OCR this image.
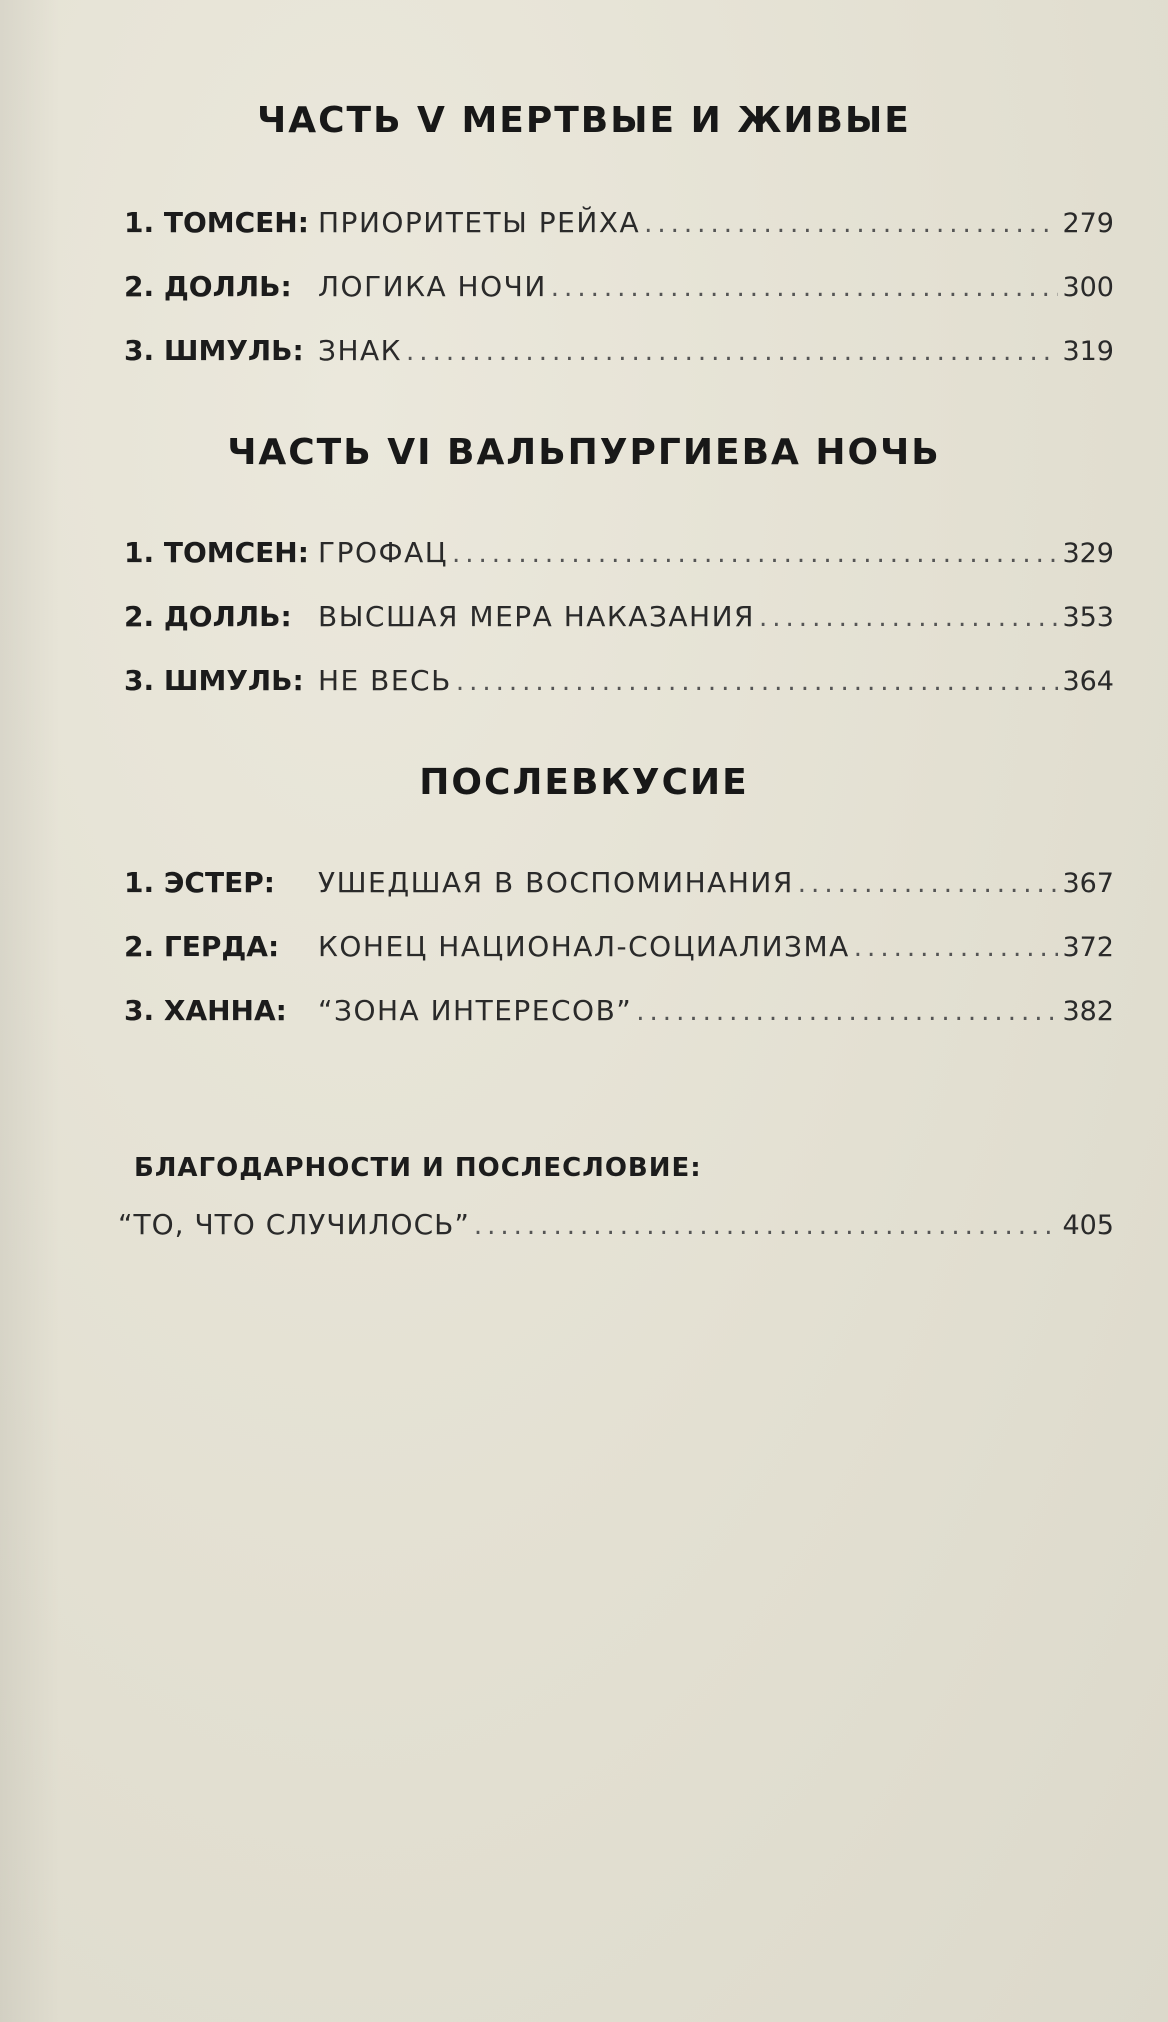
ЧАСТЬ V МЕРТВЫЕ И ЖИВЫЕ
1. ТОМСЕН: ПРИОРИТЕТЫ РЕЙХА .....	279
2. ДОЛЛЬ: ЛОГИКА НОЧИ .....	300
3. ШМУЛЬ: ЗНАК .....	319
ЧАСТЬ VI ВАЛЬПУРГИЕВА НОЧЬ
1. ТОМСЕН: ГРОФАЦ .....	329
2. ДОЛЛЬ: ВЫСШАЯ МЕРА НАКАЗАНИЯ .....	353
3. ШМУЛЬ: НЕ ВЕСЬ .....	364
ПОСЛЕВКУСИЕ
1. ЭСТЕР:	УШЕДШАЯ В ВОСПОМИНАНИЯ .....	367
2. ГЕРДА:	КОНЕЦ НАЦИОНАЛ-СОЦИАЛИЗМА .....	372
3. ХАННА:	“ЗОНА ИНТЕРЕСОВ” .....	382
БЛАГОДАРНОСТИ И ПОСЛЕСЛОВИЕ:
“ТО, ЧТО СЛУЧИЛОСЬ” .....	405
